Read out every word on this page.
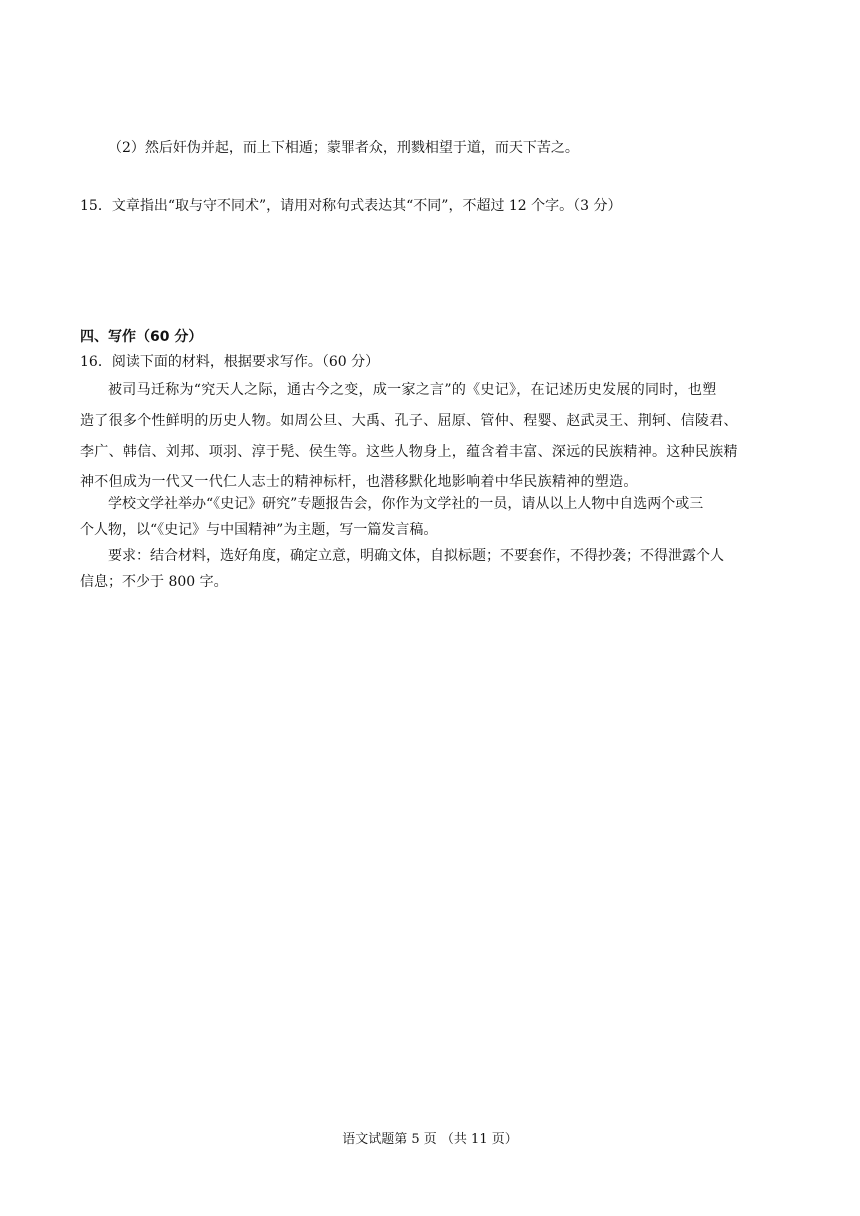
（2）然后奸伪并起，而上下相遁；蒙罪者众，刑戮相望于道，而天下苦之。
15．文章指出“取与守不同术”，请用对称句式表达其“不同”，不超过 12 个字。（3 分）
四、写作（60 分）
16．阅读下面的材料，根据要求写作。（60 分）
被司马迁称为“究天人之际，通古今之变，成一家之言”的《史记》，在记述历史发展的同时，也塑
造了很多个性鲜明的历史人物。如周公旦、大禹、孔子、屈原、管仲、程婴、赵武灵王、荆轲、信陵君、
李广、韩信、刘邦、项羽、淳于髡、侯生等。这些人物身上，蕴含着丰富、深远的民族精神。这种民族精
神不但成为一代又一代仁人志士的精神标杆，也潜移默化地影响着中华民族精神的塑造。
学校文学社举办“《史记》研究”专题报告会，你作为文学社的一员，请从以上人物中自选两个或三
个人物，以“《史记》与中国精神”为主题，写一篇发言稿。
要求：结合材料，选好角度，确定立意，明确文体，自拟标题；不要套作，不得抄袭；不得泄露个人
信息；不少于 800 字。
语文试题第 5 页 （共 11 页）
